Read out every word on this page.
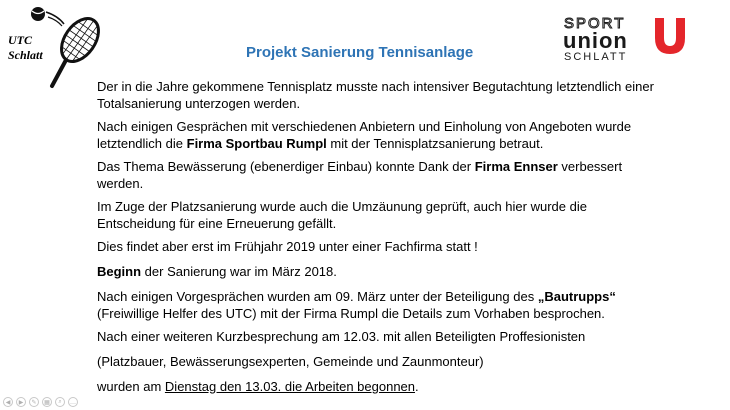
UTC
Schlatt
SPORT
union
SCHLATT
Projekt Sanierung Tennisanlage

Der in die Jahre gekommene Tennisplatz musste nach intensiver Begutachtung letztendlich einer Totalsanierung unterzogen werden.

Nach einigen Gesprächen mit verschiedenen Anbietern und Einholung von Angeboten wurde letztendlich die Firma Sportbau Rumpl mit der Tennisplatzsanierung betraut.

Das Thema Bewässerung (ebenerdiger Einbau) konnte Dank der Firma Ennser verbessert werden.

Im Zuge der Platzsanierung wurde auch die Umzäunung geprüft, auch hier wurde die Entscheidung für eine Erneuerung gefällt.

Dies findet aber erst im Frühjahr 2019 unter einer Fachfirma statt !

Beginn der Sanierung war im März 2018.

Nach einigen Vorgesprächen wurden am 09. März unter der Beteiligung des „Bautrupps“ (Freiwillige Helfer des UTC) mit der Firma Rumpl die Details zum Vorhaben besprochen.

Nach einer weiteren Kurzbesprechung am 12.03. mit allen Beteiligten Proffesionisten

(Platzbauer, Bewässerungsexperten, Gemeinde und Zaunmonteur)

wurden am Dienstag den 13.03. die Arbeiten begonnen.

◀	▶	✎	▦	⌕	…
